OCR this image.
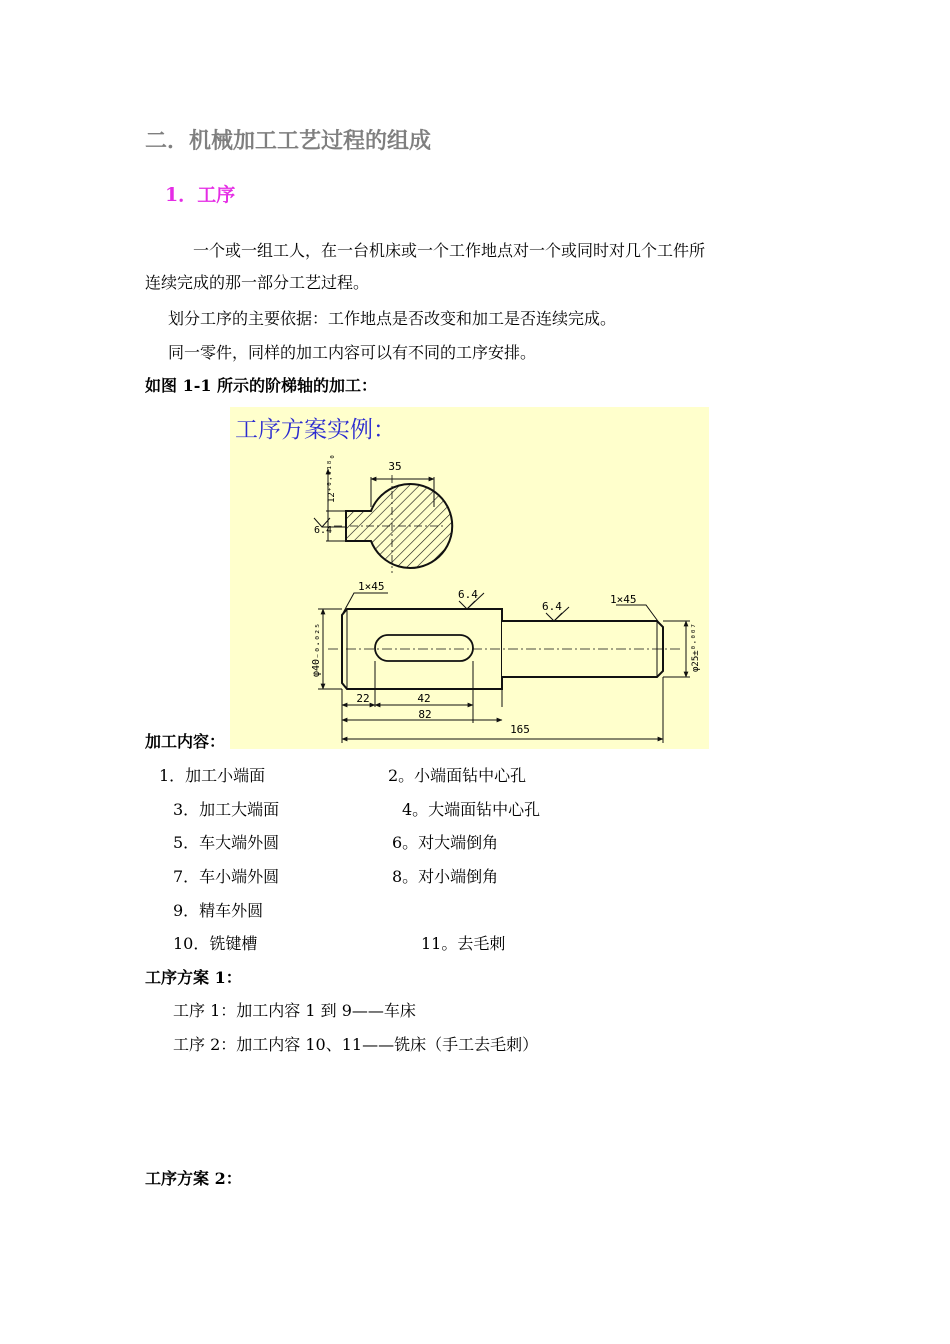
二．机械加工工艺过程的组成
1．工序
一个或一组工人，在一台机床或一个工作地点对一个或同时对几个工件所
连续完成的那一部分工艺过程。
划分工序的主要依据：工作地点是否改变和加工是否连续完成。
同一零件，同样的加工内容可以有不同的工序安排。
如图 1-1 所示的阶梯轴的加工：
工序方案实例：
35
12⁺⁰·⁰¹⁸₀
6.4
1×45
6.4
6.4
1×45
φ40₋₀.₀₂₅	φ25±⁰·⁰⁰⁷
22	42
82
165
加工内容：
1．加工小端面	2。小端面钻中心孔
3．加工大端面	4。大端面钻中心孔
5．车大端外圆	6。对大端倒角
7．车小端外圆	8。对小端倒角
9．精车外圆
10．铣键槽	11。去毛刺
工序方案 1：
工序 1：加工内容 1 到 9——车床
工序 2：加工内容 10、11——铣床（手工去毛刺）
工序方案 2：
